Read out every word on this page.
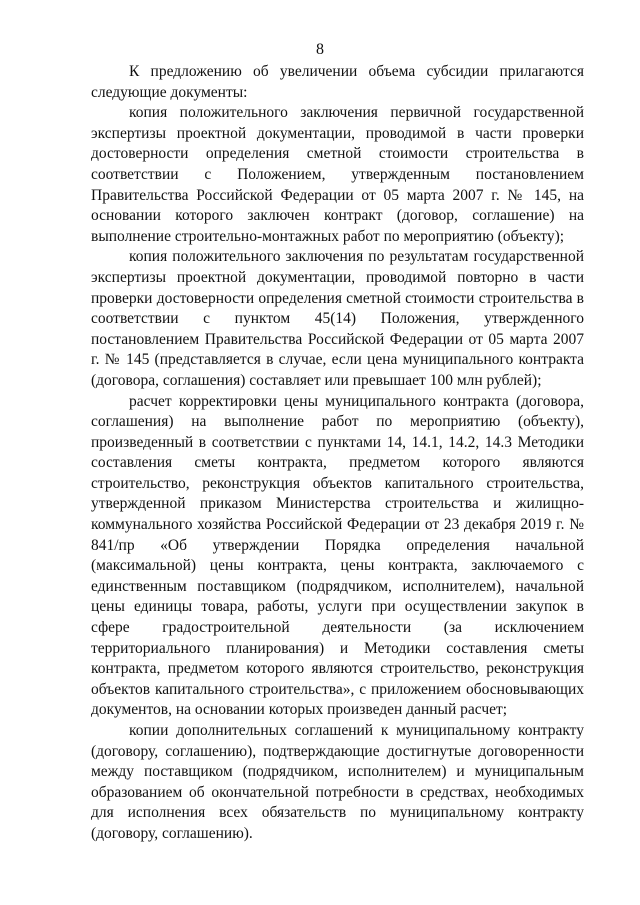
8

К предложению об увеличении объема субсидии прилагаются следующие документы:

копия положительного заключения первичной государственной экспертизы проектной документации, проводимой в части проверки достоверности определения сметной стоимости строительства в соответствии с Положением, утвержденным постановлением Правительства Российской Федерации от 05 марта 2007 г. № 145, на основании которого заключен контракт (договор, соглашение) на выполнение строительно-монтажных работ по мероприятию (объекту);

копия положительного заключения по результатам государственной экспертизы проектной документации, проводимой повторно в части проверки достоверности определения сметной стоимости строительства в соответствии с пунктом 45(14) Положения, утвержденного постановлением Правительства Российской Федерации от 05 марта 2007 г. № 145 (представляется в случае, если цена муниципального контракта (договора, соглашения) составляет или превышает 100 млн рублей);

расчет корректировки цены муниципального контракта (договора, соглашения) на выполнение работ по мероприятию (объекту), произведенный в соответствии с пунктами 14, 14.1, 14.2, 14.3 Методики составления сметы контракта, предметом которого являются строительство, реконструкция объектов капитального строительства, утвержденной приказом Министерства строительства и жилищно-коммунального хозяйства Российской Федерации от 23 декабря 2019 г. № 841/пр «Об утверждении Порядка определения начальной (максимальной) цены контракта, цены контракта, заключаемого с единственным поставщиком (подрядчиком, исполнителем), начальной цены единицы товара, работы, услуги при осуществлении закупок в сфере градостроительной деятельности (за исключением территориального планирования) и Методики составления сметы контракта, предметом которого являются строительство, реконструкция объектов капитального строительства», с приложением обосновывающих документов, на основании которых произведен данный расчет;

копии дополнительных соглашений к муниципальному контракту (договору, соглашению), подтверждающие достигнутые договоренности между поставщиком (подрядчиком, исполнителем) и муниципальным образованием об окончательной потребности в средствах, необходимых для исполнения всех обязательств по муниципальному контракту (договору, соглашению).
